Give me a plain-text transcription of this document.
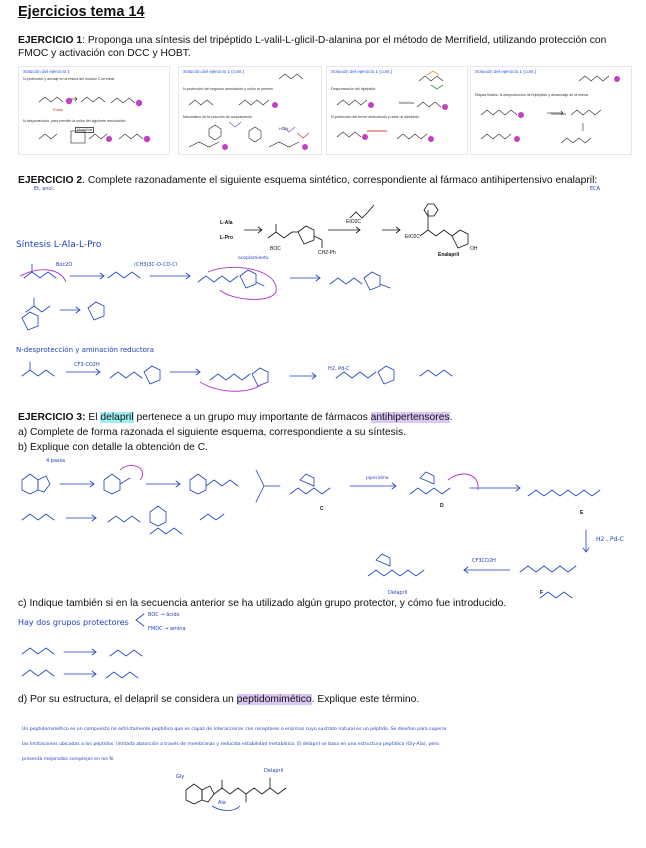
Ejercicios tema 14
EJERCICIO 1: Proponga una síntesis del tripéptido L-valil-L-glicil-D-alanina por el método de Merrifield, utilizando protección con FMOC y activación con DCC y HOBT.
Solución del ejercicio 1
N-protección y anclaje en la resina del residuo C-terminal
N-desprotección, para permitir la unión del siguiente aminoácido
Morfolina
Fmoc
Solución del ejercicio 1 (cont.)
N-protección del segundo aminoácido y unión al primero
Mecanismo de la reacción de acoplamiento
HOBt
Solución del ejercicio 1 (cont.)
Desprotección del dipéptido
N-protección del tercer aminoácido y unión al dipéptido
Morfolina
Solución del ejercicio 1 (cont.)
Etapas finales: N-desprotección del tripéptido y desanclaje de la resina
Morfolina
EJERCICIO 2. Complete razonadamente el siguiente esquema sintético, correspondiente al fármaco antihipertensivo enalapril:
Et, ancl.	ECA
L-Ala
L-Pro
BOC
CH2-Ph
EtO2C
EtO2C
OH
Enalapril
Síntesis L-Ala-L-Pro
(CH3)3C-O-CO-Cl
Boc2O
acoplamiento
N-desprotección y aminación reductora
CF3-CO2H
H2, Pd-C
EJERCICIO 3: El delapril pertenece a un grupo muy importante de fármacos antihipertensores.
a) Complete de forma razonada el siguiente esquema, correspondiente a su síntesis.
b) Explique con detalle la obtención de C.
4 pasos
C	D
E
F
Delapril
piperidina
H2 , Pd-C
CF3CO2H
c) Indique también si en la secuencia anterior se ha utilizado algún grupo protector, y cómo fue introducido.
Hay dos grupos protectores
BOC → ácido
FMOC → amina
d) Por su estructura, el delapril se considera un peptidomimético. Explique este término.
Un peptidomimético es un compuesto no estrictamente peptídico que es capaz de interaccionar con receptores o enzimas cuyo sustrato natural es un péptido. Se diseñan para superar
las limitaciones ubicadas a los péptidos: limitada absorción a través de membranas y reducida estabilidad metabólica. El delapril se basa en una estructura peptídica (Gly-Ala), pero
presenta mejorados complejos en los N.
Gly
Ala
Delapril
